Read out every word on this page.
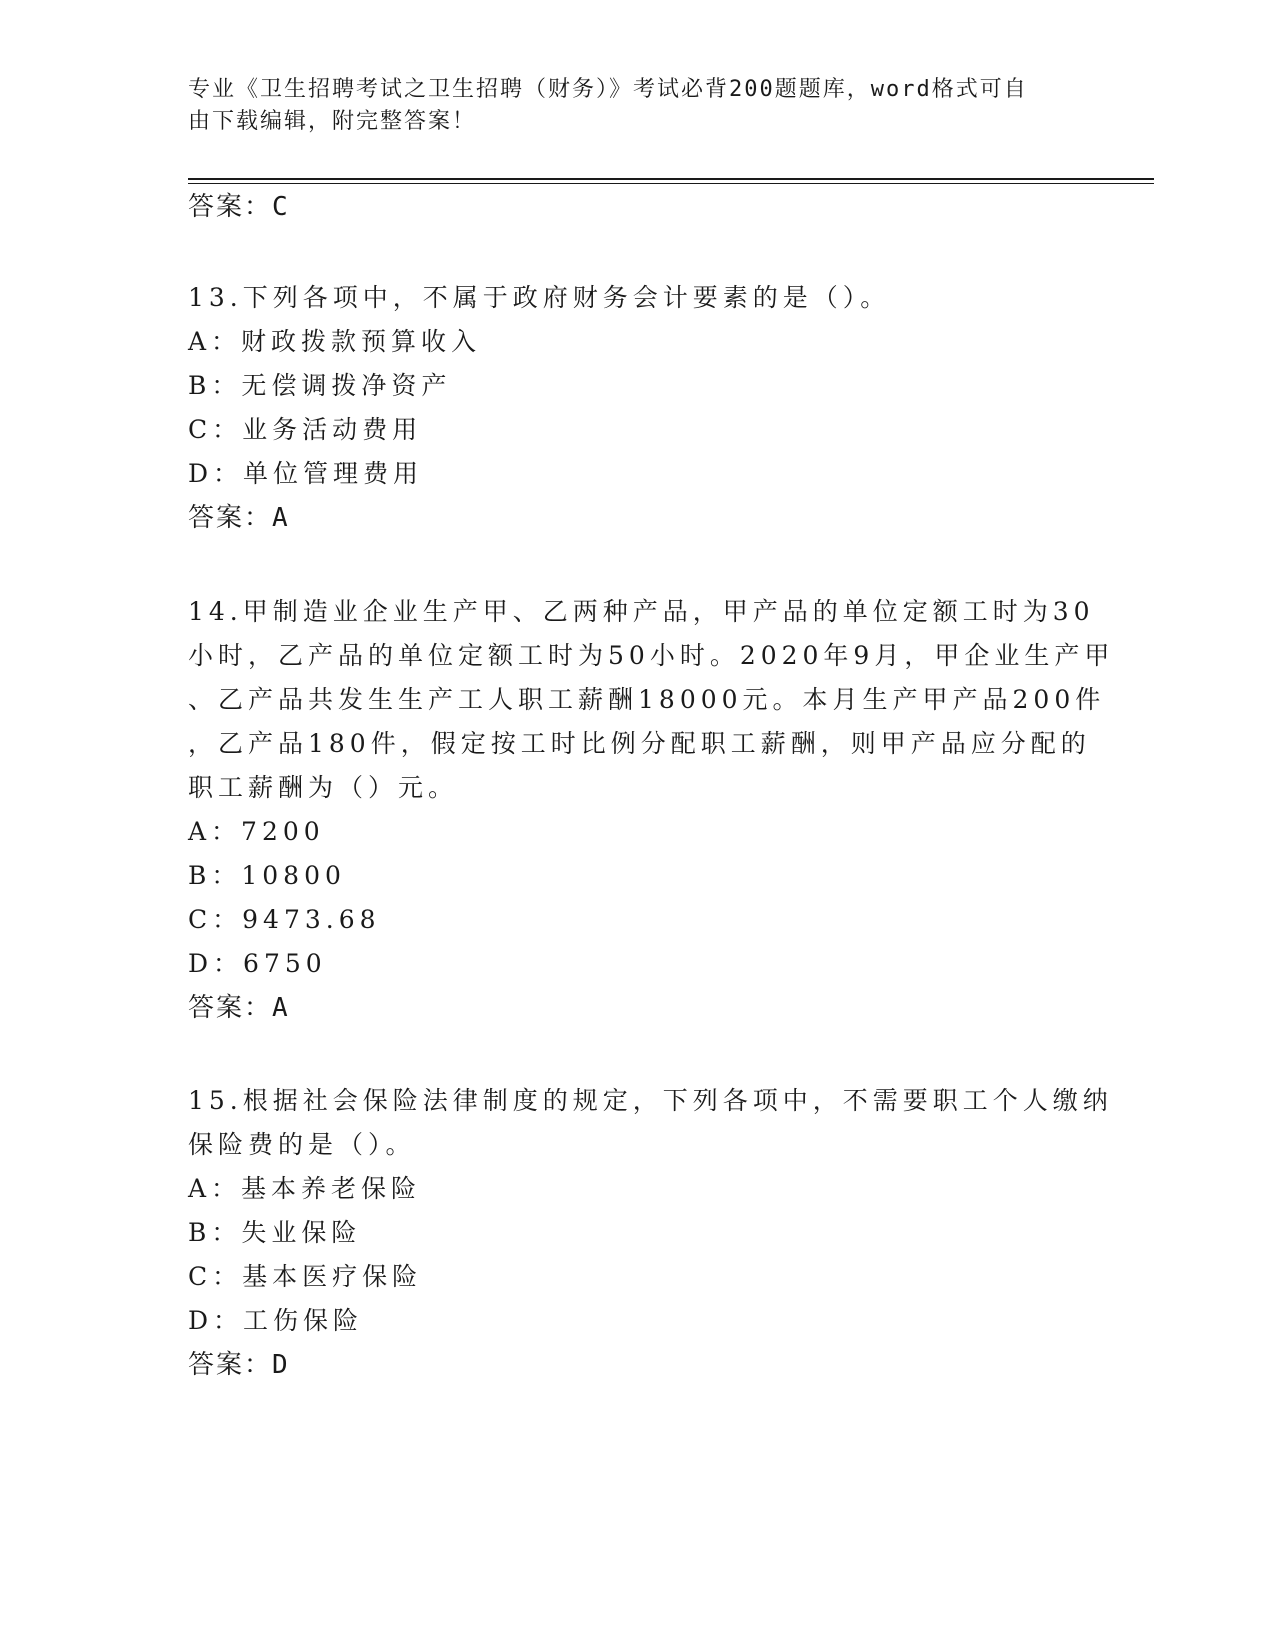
专业《卫生招聘考试之卫生招聘（财务）》考试必背200题题库，word格式可自
由下载编辑，附完整答案！
答案：C
13.下列各项中，不属于政府财务会计要素的是（）。
A：财政拨款预算收入
B：无偿调拨净资产
C：业务活动费用
D：单位管理费用
答案：A
14.甲制造业企业生产甲、乙两种产品，甲产品的单位定额工时为30
小时，乙产品的单位定额工时为50小时。2020年9月，甲企业生产甲
、乙产品共发生生产工人职工薪酬18000元。本月生产甲产品200件
，乙产品180件，假定按工时比例分配职工薪酬，则甲产品应分配的
职工薪酬为（）元。
A：7200
B：10800
C：9473.68
D：6750
答案：A
15.根据社会保险法律制度的规定，下列各项中，不需要职工个人缴纳
保险费的是（）。
A：基本养老保险
B：失业保险
C：基本医疗保险
D：工伤保险
答案：D
